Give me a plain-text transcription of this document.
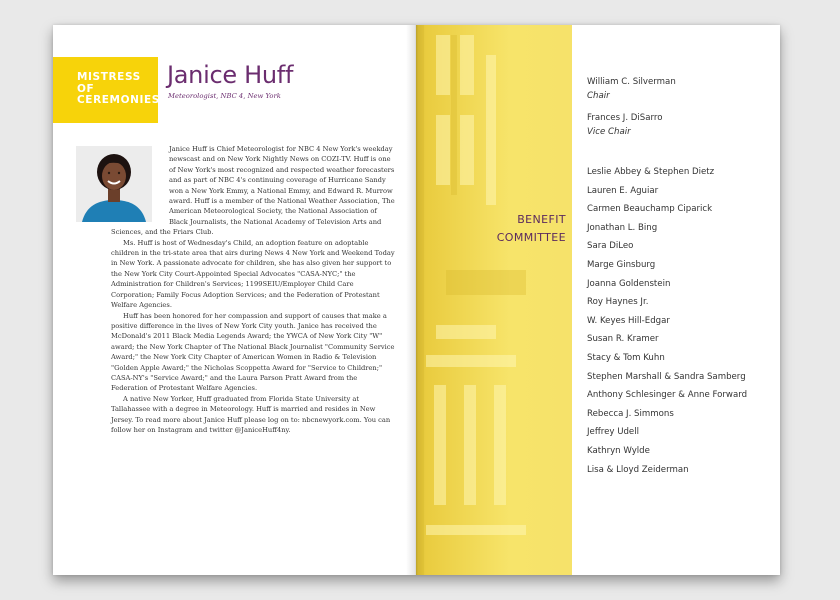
MISTRESS
OF
CEREMONIES
Janice Huff
Meteorologist, NBC 4, New York

Janice Huff is Chief Meteorologist for NBC 4 New York's weekday newscast and on New York Nightly News on COZI-TV. Huff is one of New York's most recognized and respected weather forecasters and as part of NBC 4's continuing coverage of Hurricane Sandy won a New York Emmy, a National Emmy, and Edward R. Murrow award. Huff is a member of the National Weather Association, The American Meteorological Society, the National Association of Black Journalists, the National Academy of Television Arts and Sciences, and the Friars Club.

Ms. Huff is host of Wednesday's Child, an adoption feature on adoptable children in the tri-state area that airs during News 4 New York and Weekend Today in New York. A passionate advocate for children, she has also given her support to the New York City Court-Appointed Special Advocates "CASA-NYC;" the Administration for Children's Services; 1199SEIU/Employer Child Care Corporation; Family Focus Adoption Services; and the Federation of Protestant Welfare Agencies.

Huff has been honored for her compassion and support of causes that make a positive difference in the lives of New York City youth. Janice has received the McDonald's 2011 Black Media Legends Award; the YWCA of New York City "W" award; the New York Chapter of The National Black Journalist "Community Service Award;" the New York City Chapter of American Women in Radio & Television "Golden Apple Award;" the Nicholas Scoppetta Award for "Service to Children;" CASA-NY's "Service Award;" and the Laura Parson Pratt Award from the Federation of Protestant Welfare Agencies.

A native New Yorker, Huff graduated from Florida State University at Tallahassee with a degree in Meteorology. Huff is married and resides in New Jersey. To read more about Janice Huff please log on to: nbcnewyork.com. You can follow her on Instagram and twitter @JaniceHuff4ny.

BENEFIT
COMMITTEE
William C. Silverman
Chair
Frances J. DiSarro
Vice Chair
Leslie Abbey & Stephen Dietz
Lauren E. Aguiar
Carmen Beauchamp Ciparick
Jonathan L. Bing
Sara DiLeo
Marge Ginsburg
Joanna Goldenstein
Roy Haynes Jr.
W. Keyes Hill-Edgar
Susan R. Kramer
Stacy & Tom Kuhn
Stephen Marshall & Sandra Samberg
Anthony Schlesinger & Anne Forward
Rebecca J. Simmons
Jeffrey Udell
Kathryn Wylde
Lisa & Lloyd Zeiderman
